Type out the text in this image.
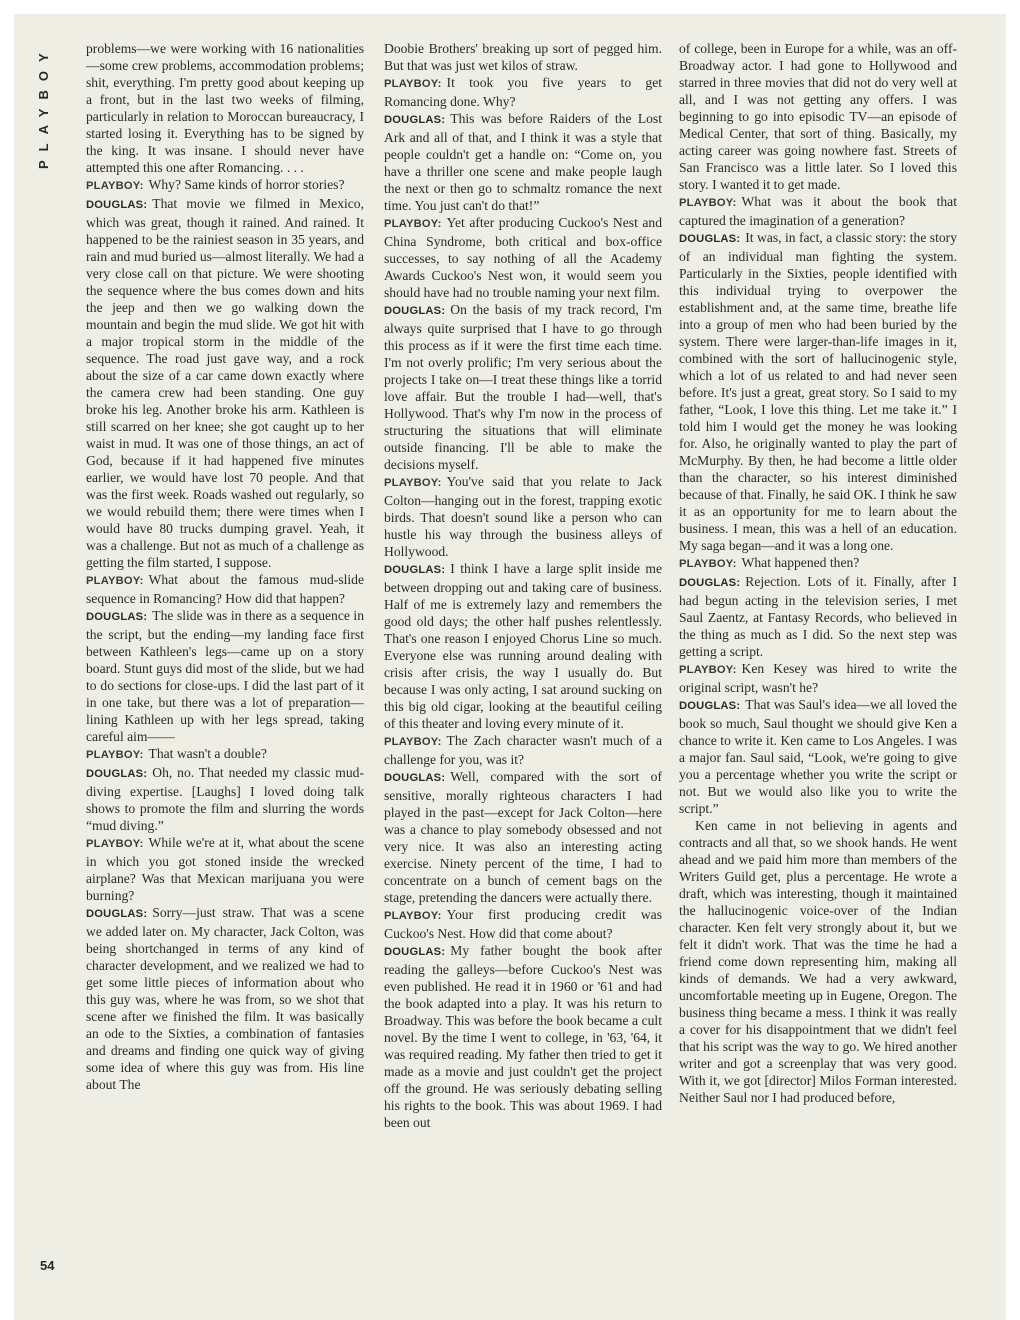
PLAYBOY
54

problems—we were working with 16 nationalities—some crew problems, accommodation problems; shit, everything. I'm pretty good about keeping up a front, but in the last two weeks of filming, particularly in relation to Moroccan bureaucracy, I started losing it. Everything has to be signed by the king. It was insane. I should never have attempted this one after Romancing. . . .

PLAYBOY: Why? Same kinds of horror stories?

DOUGLAS: That movie we filmed in Mexico, which was great, though it rained. And rained. It happened to be the rainiest season in 35 years, and rain and mud buried us—almost literally. We had a very close call on that picture. We were shooting the sequence where the bus comes down and hits the jeep and then we go walking down the mountain and begin the mud slide. We got hit with a major tropical storm in the middle of the sequence. The road just gave way, and a rock about the size of a car came down exactly where the camera crew had been standing. One guy broke his leg. Another broke his arm. Kathleen is still scarred on her knee; she got caught up to her waist in mud. It was one of those things, an act of God, because if it had happened five minutes earlier, we would have lost 70 people. And that was the first week. Roads washed out regularly, so we would rebuild them; there were times when I would have 80 trucks dumping gravel. Yeah, it was a challenge. But not as much of a challenge as getting the film started, I suppose.

PLAYBOY: What about the famous mud-slide sequence in Romancing? How did that happen?

DOUGLAS: The slide was in there as a sequence in the script, but the ending—my landing face first between Kathleen's legs—came up on a story board. Stunt guys did most of the slide, but we had to do sections for close-ups. I did the last part of it in one take, but there was a lot of preparation—lining Kathleen up with her legs spread, taking careful aim——

PLAYBOY: That wasn't a double?

DOUGLAS: Oh, no. That needed my classic mud-diving expertise. [Laughs] I loved doing talk shows to promote the film and slurring the words “mud diving.”

PLAYBOY: While we're at it, what about the scene in which you got stoned inside the wrecked airplane? Was that Mexican marijuana you were burning?

DOUGLAS: Sorry—just straw. That was a scene we added later on. My character, Jack Colton, was being shortchanged in terms of any kind of character development, and we realized we had to get some little pieces of information about who this guy was, where he was from, so we shot that scene after we finished the film. It was basically an ode to the Sixties, a combination of fantasies and dreams and finding one quick way of giving some idea of where this guy was from. His line about The

Doobie Brothers' breaking up sort of pegged him. But that was just wet kilos of straw.

PLAYBOY: It took you five years to get Romancing done. Why?

DOUGLAS: This was before Raiders of the Lost Ark and all of that, and I think it was a style that people couldn't get a handle on: “Come on, you have a thriller one scene and make people laugh the next or then go to schmaltz romance the next time. You just can't do that!”

PLAYBOY: Yet after producing Cuckoo's Nest and China Syndrome, both critical and box-office successes, to say nothing of all the Academy Awards Cuckoo's Nest won, it would seem you should have had no trouble naming your next film.

DOUGLAS: On the basis of my track record, I'm always quite surprised that I have to go through this process as if it were the first time each time. I'm not overly prolific; I'm very serious about the projects I take on—I treat these things like a torrid love affair. But the trouble I had—well, that's Hollywood. That's why I'm now in the process of structuring the situations that will eliminate outside financing. I'll be able to make the decisions myself.

PLAYBOY: You've said that you relate to Jack Colton—hanging out in the forest, trapping exotic birds. That doesn't sound like a person who can hustle his way through the business alleys of Hollywood.

DOUGLAS: I think I have a large split inside me between dropping out and taking care of business. Half of me is extremely lazy and remembers the good old days; the other half pushes relentlessly. That's one reason I enjoyed Chorus Line so much. Everyone else was running around dealing with crisis after crisis, the way I usually do. But because I was only acting, I sat around sucking on this big old cigar, looking at the beautiful ceiling of this theater and loving every minute of it.

PLAYBOY: The Zach character wasn't much of a challenge for you, was it?

DOUGLAS: Well, compared with the sort of sensitive, morally righteous characters I had played in the past—except for Jack Colton—here was a chance to play somebody obsessed and not very nice. It was also an interesting acting exercise. Ninety percent of the time, I had to concentrate on a bunch of cement bags on the stage, pretending the dancers were actually there.

PLAYBOY: Your first producing credit was Cuckoo's Nest. How did that come about?

DOUGLAS: My father bought the book after reading the galleys—before Cuckoo's Nest was even published. He read it in 1960 or '61 and had the book adapted into a play. It was his return to Broadway. This was before the book became a cult novel. By the time I went to college, in '63, '64, it was required reading. My father then tried to get it made as a movie and just couldn't get the project off the ground. He was seriously debating selling his rights to the book. This was about 1969. I had been out

of college, been in Europe for a while, was an off-Broadway actor. I had gone to Hollywood and starred in three movies that did not do very well at all, and I was not getting any offers. I was beginning to go into episodic TV—an episode of Medical Center, that sort of thing. Basically, my acting career was going nowhere fast. Streets of San Francisco was a little later. So I loved this story. I wanted it to get made.

PLAYBOY: What was it about the book that captured the imagination of a generation?

DOUGLAS: It was, in fact, a classic story: the story of an individual man fighting the system. Particularly in the Sixties, people identified with this individual trying to overpower the establishment and, at the same time, breathe life into a group of men who had been buried by the system. There were larger-than-life images in it, combined with the sort of hallucinogenic style, which a lot of us related to and had never seen before. It's just a great, great story. So I said to my father, “Look, I love this thing. Let me take it.” I told him I would get the money he was looking for. Also, he originally wanted to play the part of McMurphy. By then, he had become a little older than the character, so his interest diminished because of that. Finally, he said OK. I think he saw it as an opportunity for me to learn about the business. I mean, this was a hell of an education. My saga began—and it was a long one.

PLAYBOY: What happened then?

DOUGLAS: Rejection. Lots of it. Finally, after I had begun acting in the television series, I met Saul Zaentz, at Fantasy Records, who believed in the thing as much as I did. So the next step was getting a script.

PLAYBOY: Ken Kesey was hired to write the original script, wasn't he?

DOUGLAS: That was Saul's idea—we all loved the book so much, Saul thought we should give Ken a chance to write it. Ken came to Los Angeles. I was a major fan. Saul said, “Look, we're going to give you a percentage whether you write the script or not. But we would also like you to write the script.”

Ken came in not believing in agents and contracts and all that, so we shook hands. He went ahead and we paid him more than members of the Writers Guild get, plus a percentage. He wrote a draft, which was interesting, though it maintained the hallucinogenic voice-over of the Indian character. Ken felt very strongly about it, but we felt it didn't work. That was the time he had a friend come down representing him, making all kinds of demands. We had a very awkward, uncomfortable meeting up in Eugene, Oregon. The business thing became a mess. I think it was really a cover for his disappointment that we didn't feel that his script was the way to go. We hired another writer and got a screenplay that was very good. With it, we got [director] Milos Forman interested. Neither Saul nor I had produced before,
